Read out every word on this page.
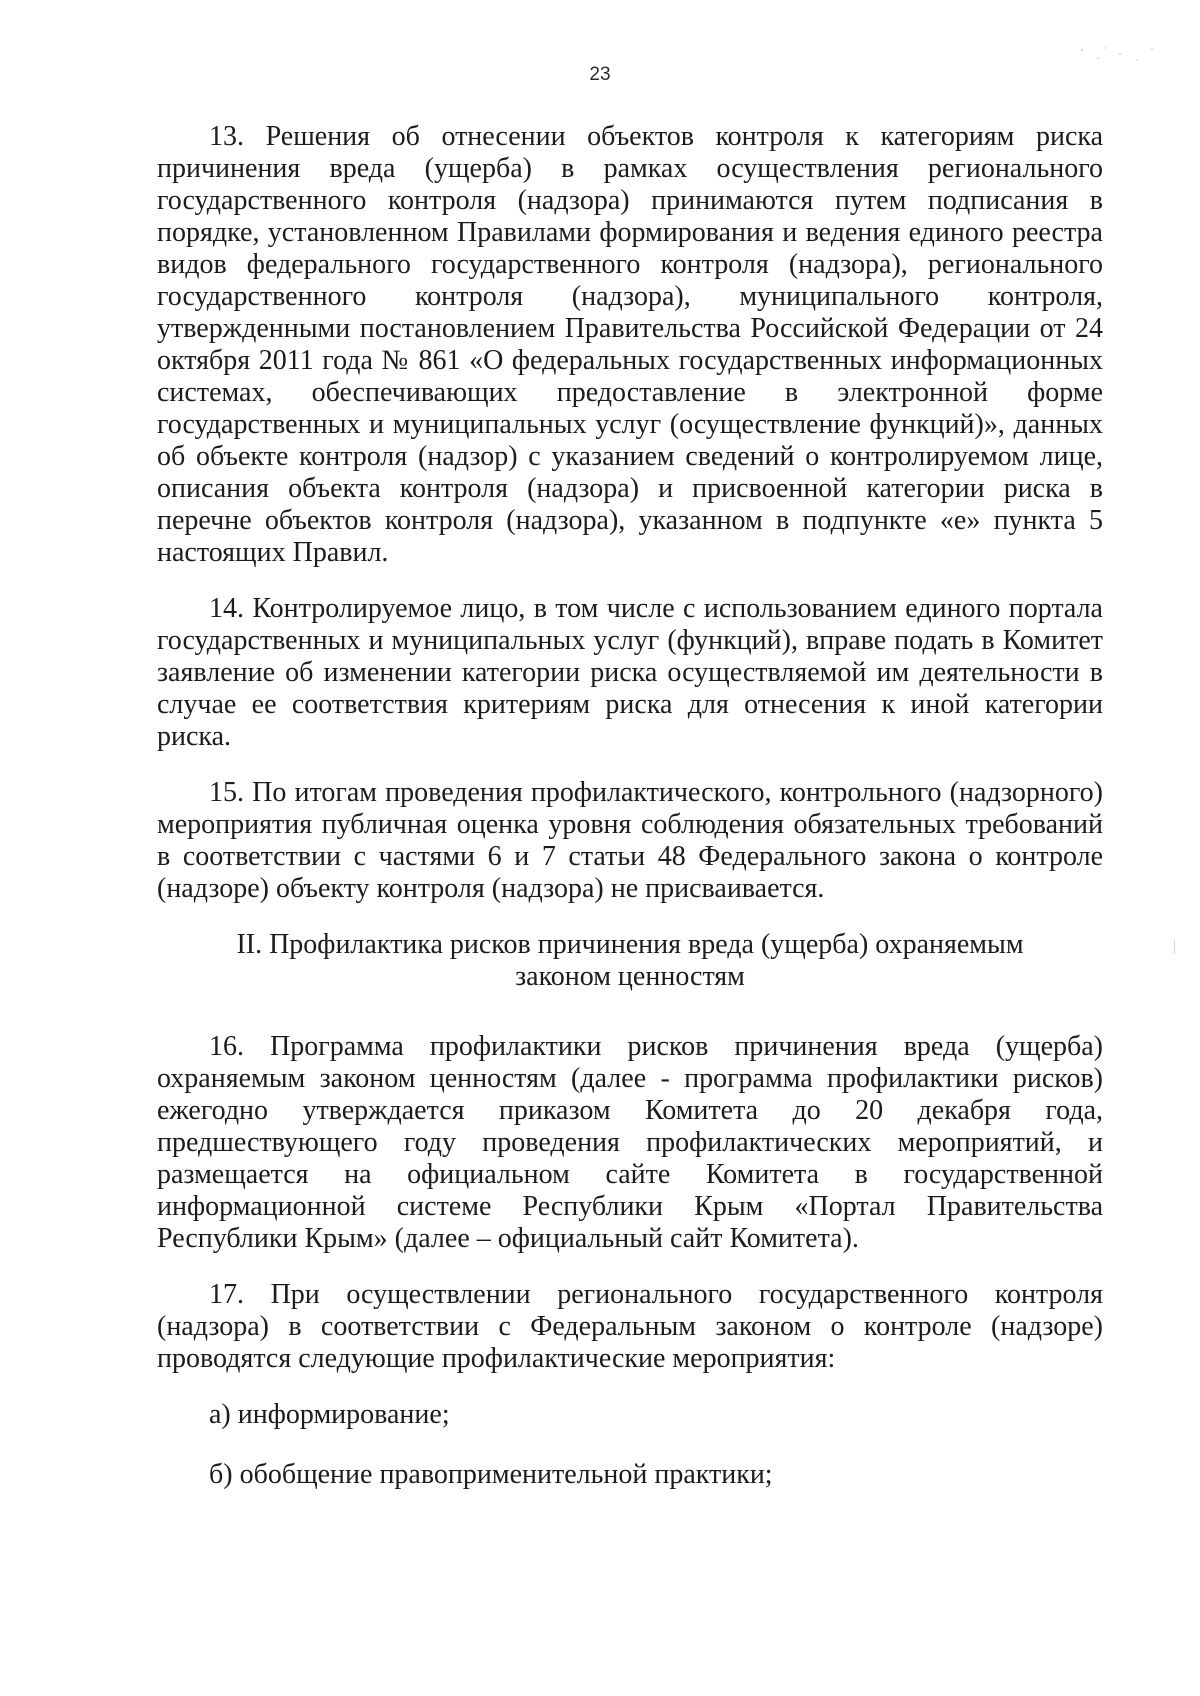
23

13. Решения об отнесении объектов контроля к категориям риска причинения вреда (ущерба) в рамках осуществления регионального государственного контроля (надзора) принимаются путем подписания в порядке, установленном Правилами формирования и ведения единого реестра видов федерального государственного контроля (надзора), регионального государственного контроля (надзора), муниципального контроля, утвержденными постановлением Правительства Российской Федерации от 24 октября 2011 года № 861 «О федеральных государственных информационных системах, обеспечивающих предоставление в электронной форме государственных и муниципальных услуг (осуществление функций)», данных об объекте контроля (надзор) с указанием сведений о контролируемом лице, описания объекта контроля (надзора) и присвоенной категории риска в перечне объектов контроля (надзора), указанном в подпункте «е» пункта 5 настоящих Правил.

14. Контролируемое лицо, в том числе с использованием единого портала государственных и муниципальных услуг (функций), вправе подать в Комитет заявление об изменении категории риска осуществляемой им деятельности в случае ее соответствия критериям риска для отнесения к иной категории риска.

15. По итогам проведения профилактического, контрольного (надзорного) мероприятия публичная оценка уровня соблюдения обязательных требований в соответствии с частями 6 и 7 статьи 48 Федерального закона о контроле (надзоре) объекту контроля (надзора) не присваивается.

II. Профилактика рисков причинения вреда (ущерба) охраняемым
законом ценностям

16. Программа профилактики рисков причинения вреда (ущерба) охраняемым законом ценностям (далее - программа профилактики рисков) ежегодно утверждается приказом Комитета до 20 декабря года, предшествующего году проведения профилактических мероприятий, и размещается на официальном сайте Комитета в государственной информационной системе Республики Крым «Портал Правительства Республики Крым» (далее – официальный сайт Комитета).

17. При осуществлении регионального государственного контроля (надзора) в соответствии с Федеральным законом о контроле (надзоре) проводятся следующие профилактические мероприятия:

а) информирование;

б) обобщение правоприменительной практики;
